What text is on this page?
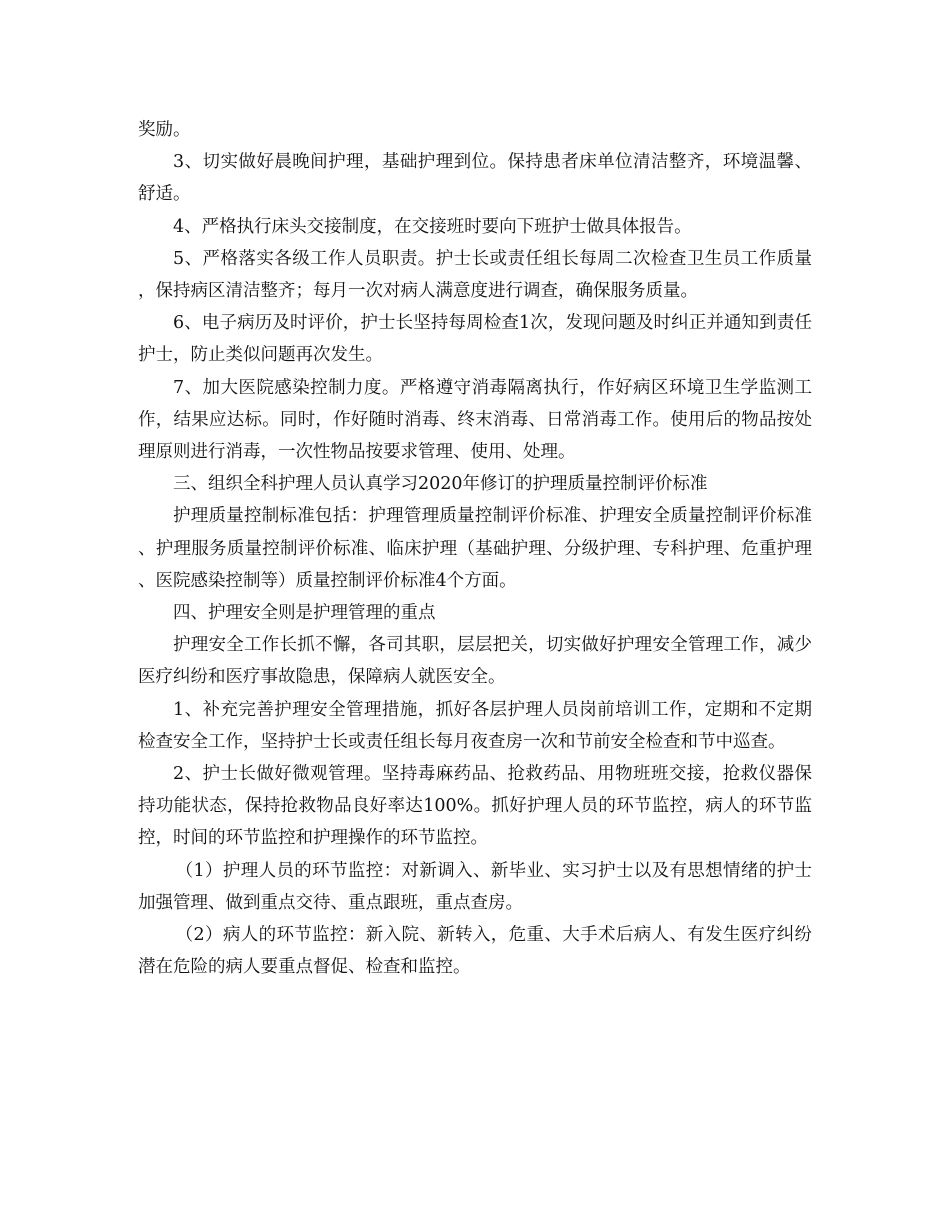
奖励。

3、切实做好晨晚间护理，基础护理到位。保持患者床单位清洁整齐，环境温馨、舒适。

4、严格执行床头交接制度，在交接班时要向下班护士做具体报告。

5、严格落实各级工作人员职责。护士长或责任组长每周二次检查卫生员工作质量，保持病区清洁整齐；每月一次对病人满意度进行调查，确保服务质量。

6、电子病历及时评价，护士长坚持每周检查1次，发现问题及时纠正并通知到责任护士，防止类似问题再次发生。

7、加大医院感染控制力度。严格遵守消毒隔离执行，作好病区环境卫生学监测工作，结果应达标。同时，作好随时消毒、终末消毒、日常消毒工作。使用后的物品按处理原则进行消毒，一次性物品按要求管理、使用、处理。

三、组织全科护理人员认真学习2020年修订的护理质量控制评价标准

护理质量控制标准包括：护理管理质量控制评价标准、护理安全质量控制评价标准、护理服务质量控制评价标准、临床护理（基础护理、分级护理、专科护理、危重护理、医院感染控制等）质量控制评价标准4个方面。

四、护理安全则是护理管理的重点

护理安全工作长抓不懈，各司其职，层层把关，切实做好护理安全管理工作，减少医疗纠纷和医疗事故隐患，保障病人就医安全。

1、补充完善护理安全管理措施，抓好各层护理人员岗前培训工作，定期和不定期检查安全工作，坚持护士长或责任组长每月夜查房一次和节前安全检查和节中巡查。

2、护士长做好微观管理。坚持毒麻药品、抢救药品、用物班班交接，抢救仪器保持功能状态，保持抢救物品良好率达100%。抓好护理人员的环节监控，病人的环节监控，时间的环节监控和护理操作的环节监控。

（1）护理人员的环节监控：对新调入、新毕业、实习护士以及有思想情绪的护士加强管理、做到重点交待、重点跟班，重点查房。

（2）病人的环节监控：新入院、新转入，危重、大手术后病人、有发生医疗纠纷潜在危险的病人要重点督促、检查和监控。
